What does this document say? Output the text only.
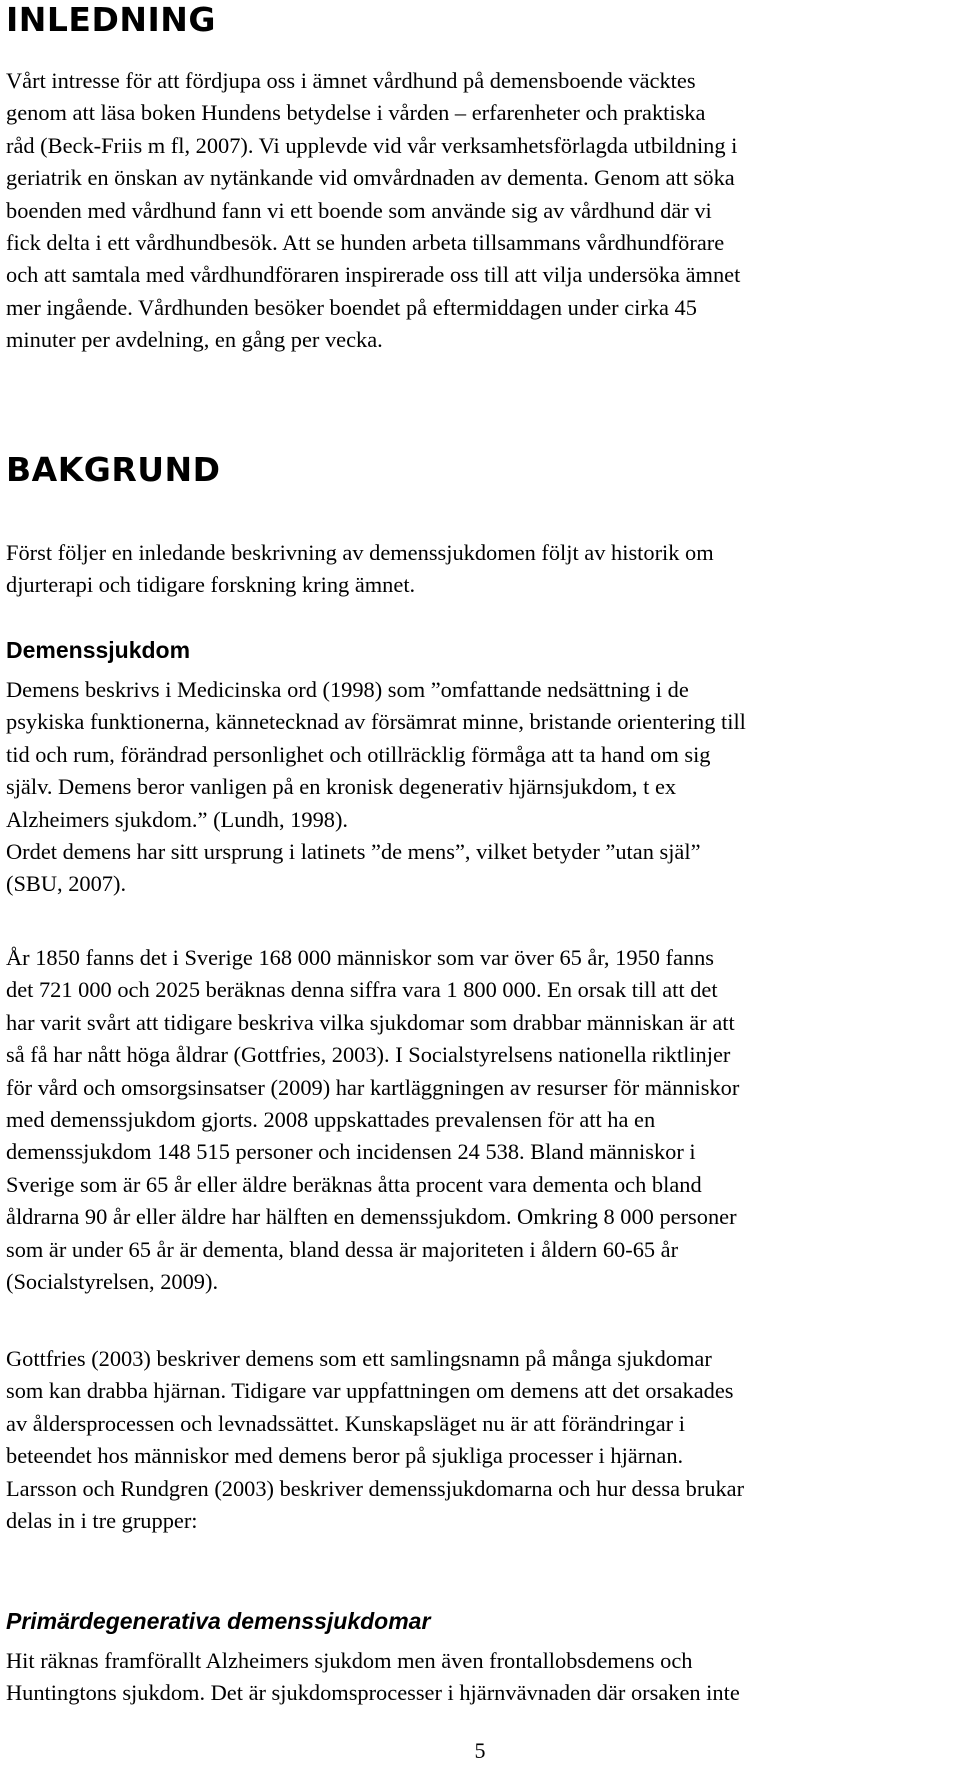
INLEDNING

Vårt intresse för att fördjupa oss i ämnet vårdhund på demensboende väcktes
genom att läsa boken Hundens betydelse i vården – erfarenheter och praktiska
råd (Beck-Friis m fl, 2007). Vi upplevde vid vår verksamhetsförlagda utbildning i
geriatrik en önskan av nytänkande vid omvårdnaden av dementa. Genom att söka
boenden med vårdhund fann vi ett boende som använde sig av vårdhund där vi
fick delta i ett vårdhundbesök. Att se hunden arbeta tillsammans vårdhundförare
och att samtala med vårdhundföraren inspirerade oss till att vilja undersöka ämnet
mer ingående. Vårdhunden besöker boendet på eftermiddagen under cirka 45
minuter per avdelning, en gång per vecka.

BAKGRUND

Först följer en inledande beskrivning av demenssjukdomen följt av historik om
djurterapi och tidigare forskning kring ämnet.

Demenssjukdom

Demens beskrivs i Medicinska ord (1998) som ”omfattande nedsättning i de
psykiska funktionerna, kännetecknad av försämrat minne, bristande orientering till
tid och rum, förändrad personlighet och otillräcklig förmåga att ta hand om sig
själv. Demens beror vanligen på en kronisk degenerativ hjärnsjukdom, t ex
Alzheimers sjukdom.” (Lundh, 1998).
Ordet demens har sitt ursprung i latinets ”de mens”, vilket betyder ”utan själ”
(SBU, 2007).

År 1850 fanns det i Sverige 168 000 människor som var över 65 år, 1950 fanns
det 721 000 och 2025 beräknas denna siffra vara 1 800 000. En orsak till att det
har varit svårt att tidigare beskriva vilka sjukdomar som drabbar människan är att
så få har nått höga åldrar (Gottfries, 2003). I Socialstyrelsens nationella riktlinjer
för vård och omsorgsinsatser (2009) har kartläggningen av resurser för människor
med demenssjukdom gjorts. 2008 uppskattades prevalensen för att ha en
demenssjukdom 148 515 personer och incidensen 24 538. Bland människor i
Sverige som är 65 år eller äldre beräknas åtta procent vara dementa och bland
åldrarna 90 år eller äldre har hälften en demenssjukdom. Omkring 8 000 personer
som är under 65 år är dementa, bland dessa är majoriteten i åldern 60-65 år
(Socialstyrelsen, 2009).

Gottfries (2003) beskriver demens som ett samlingsnamn på många sjukdomar
som kan drabba hjärnan. Tidigare var uppfattningen om demens att det orsakades
av åldersprocessen och levnadssättet. Kunskapsläget nu är att förändringar i
beteendet hos människor med demens beror på sjukliga processer i hjärnan.
Larsson och Rundgren (2003) beskriver demenssjukdomarna och hur dessa brukar
delas in i tre grupper:

Primärdegenerativa demenssjukdomar

Hit räknas framförallt Alzheimers sjukdom men även frontallobsdemens och
Huntingtons sjukdom. Det är sjukdomsprocesser i hjärnvävnaden där orsaken inte

5
